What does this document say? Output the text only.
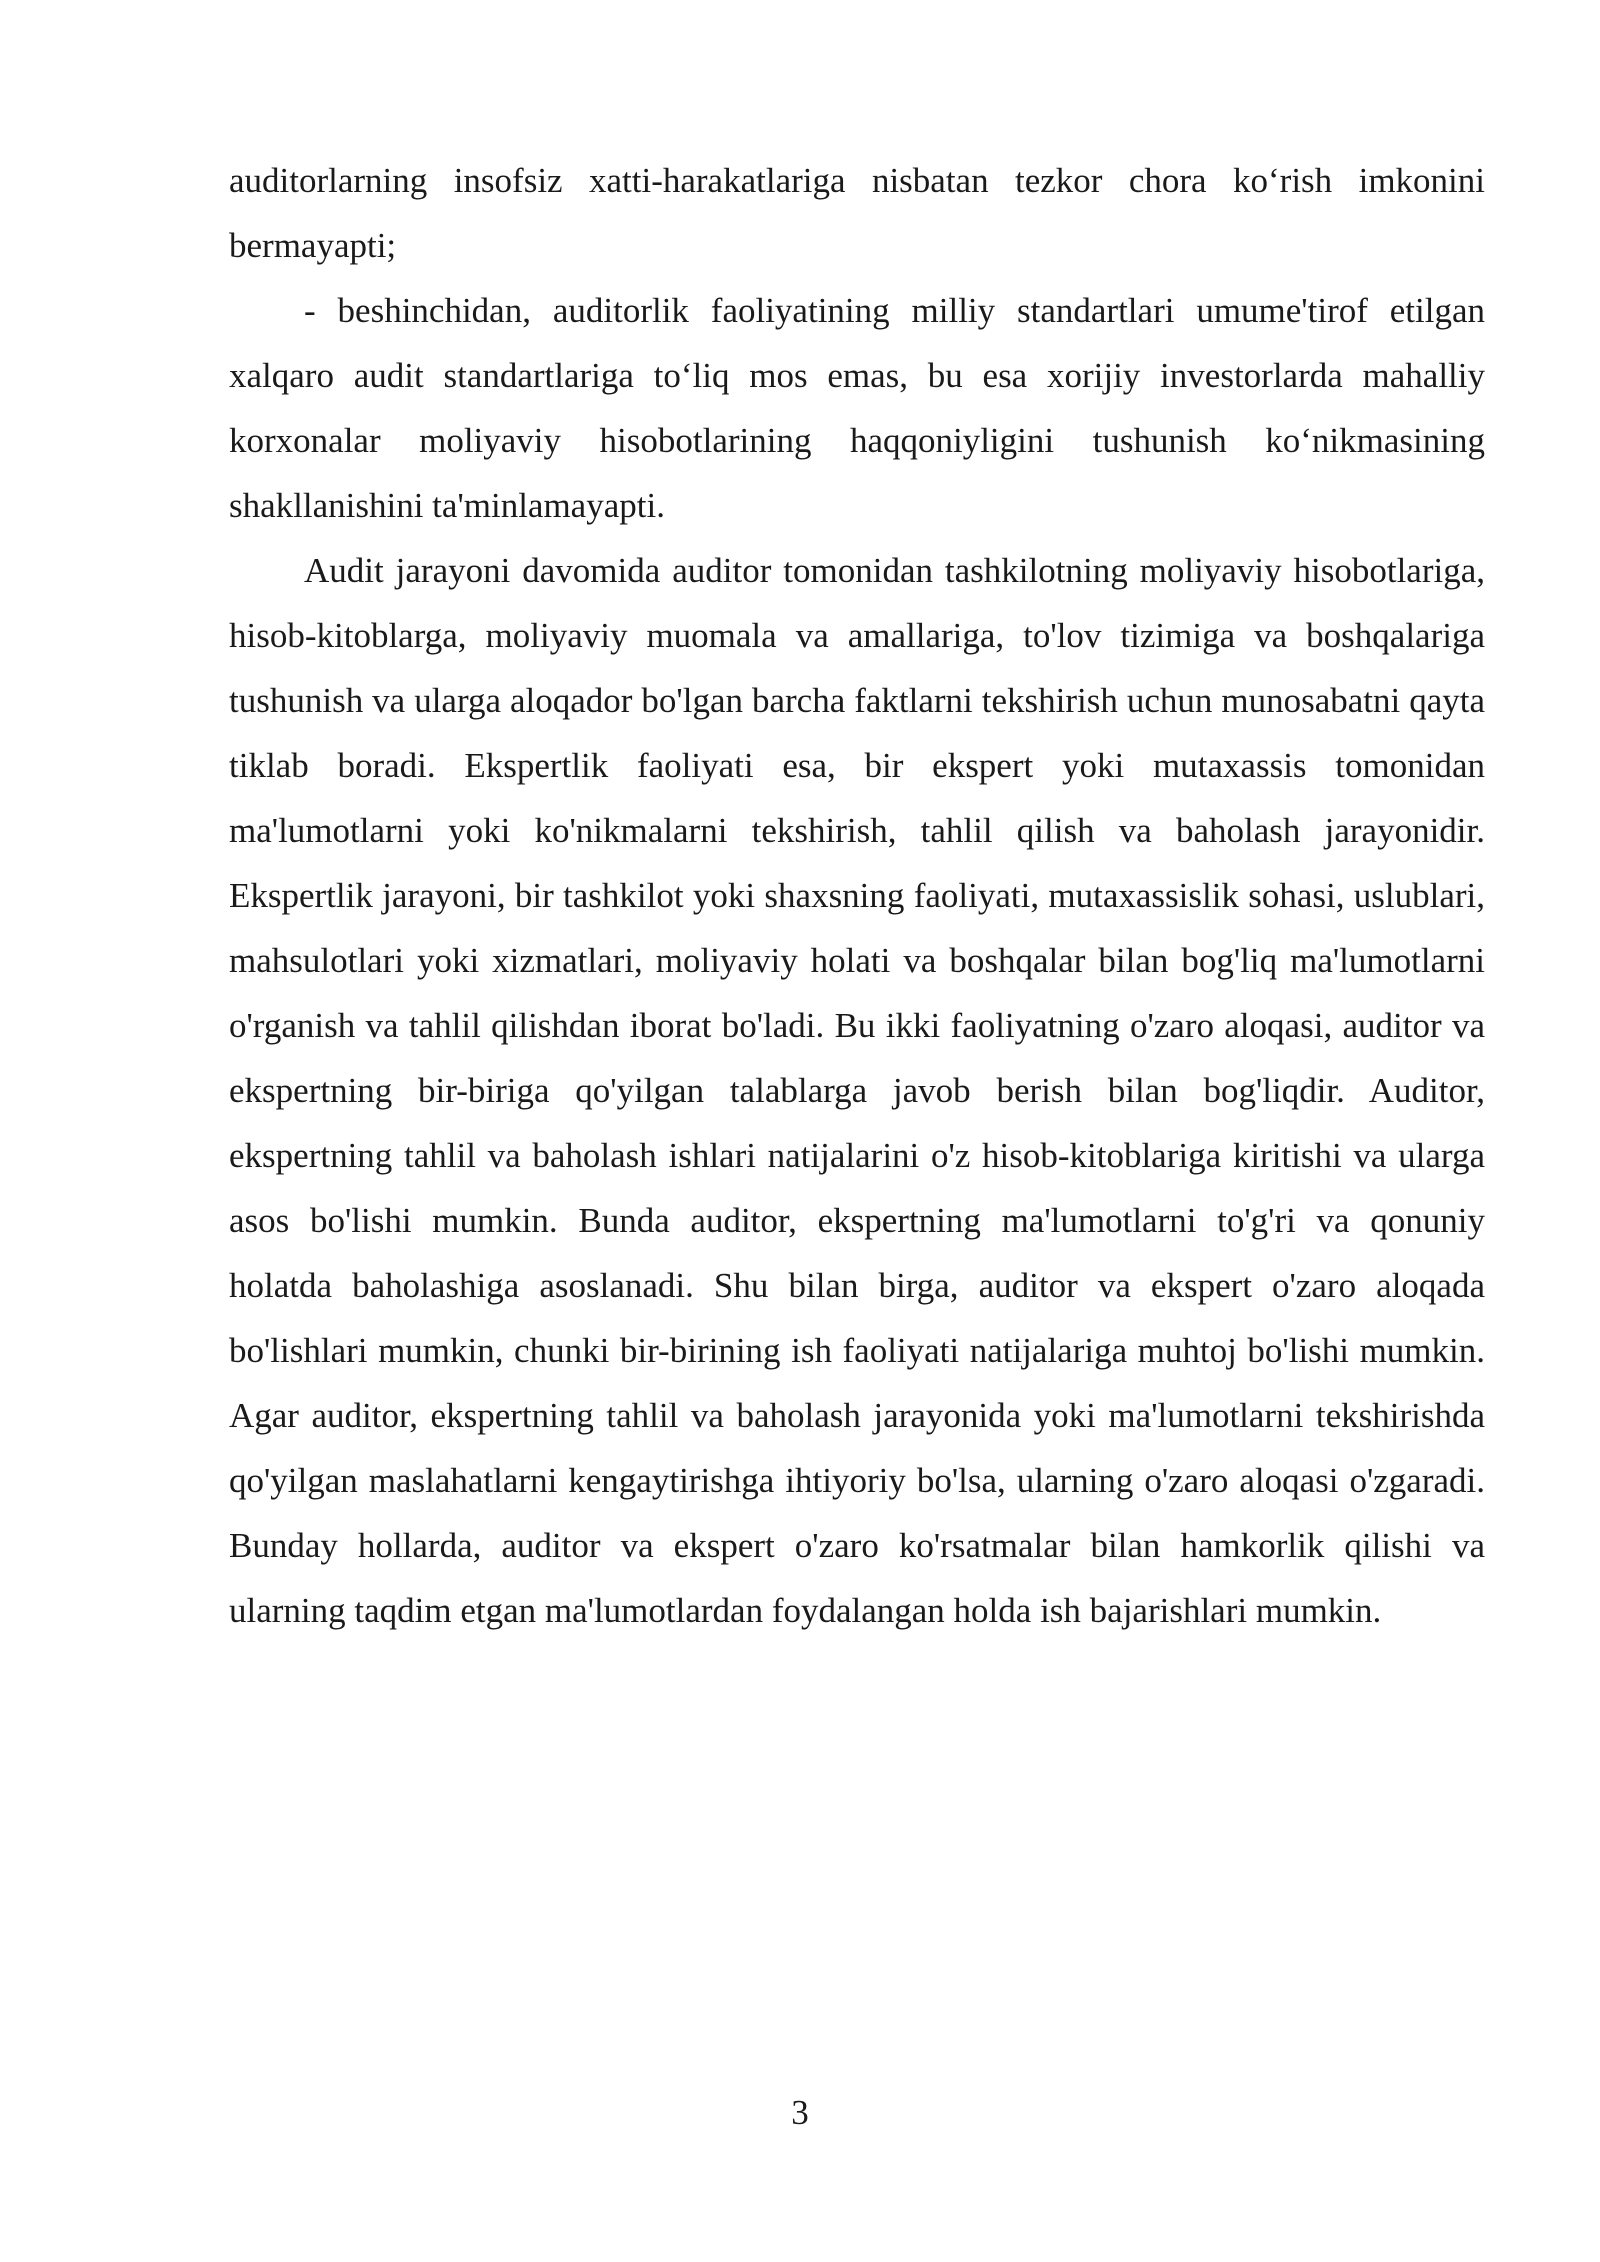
auditorlarning insofsiz xatti-harakatlariga nisbatan tezkor chora ko‘rish imkonini bermayapti;

- beshinchidan, auditorlik faoliyatining milliy standartlari umume'tirof etilgan xalqaro audit standartlariga to‘liq mos emas, bu esa xorijiy investorlarda mahalliy korxonalar moliyaviy hisobotlarining haqqoniyligini tushunish ko‘nikmasining shakllanishini ta'minlamayapti.

Audit jarayoni davomida auditor tomonidan tashkilotning moliyaviy hisobotlariga, hisob-kitoblarga, moliyaviy muomala va amallariga, to'lov tizimiga va boshqalariga tushunish va ularga aloqador bo'lgan barcha faktlarni tekshirish uchun munosabatni qayta tiklab boradi. Ekspertlik faoliyati esa, bir ekspert yoki mutaxassis tomonidan ma'lumotlarni yoki ko'nikmalarni tekshirish, tahlil qilish va baholash jarayonidir. Ekspertlik jarayoni, bir tashkilot yoki shaxsning faoliyati, mutaxassislik sohasi, uslublari, mahsulotlari yoki xizmatlari, moliyaviy holati va boshqalar bilan bog'liq ma'lumotlarni o'rganish va tahlil qilishdan iborat bo'ladi. Bu ikki faoliyatning o'zaro aloqasi, auditor va ekspertning bir-biriga qo'yilgan talablarga javob berish bilan bog'liqdir. Auditor, ekspertning tahlil va baholash ishlari natijalarini o'z hisob-kitoblariga kiritishi va ularga asos bo'lishi mumkin. Bunda auditor, ekspertning ma'lumotlarni to'g'ri va qonuniy holatda baholashiga asoslanadi. Shu bilan birga, auditor va ekspert o'zaro aloqada bo'lishlari mumkin, chunki bir-birining ish faoliyati natijalariga muhtoj bo'lishi mumkin. Agar auditor, ekspertning tahlil va baholash jarayonida yoki ma'lumotlarni tekshirishda qo'yilgan maslahatlarni kengaytirishga ihtiyoriy bo'lsa, ularning o'zaro aloqasi o'zgaradi. Bunday hollarda, auditor va ekspert o'zaro ko'rsatmalar bilan hamkorlik qilishi va ularning taqdim etgan ma'lumotlardan foydalangan holda ish bajarishlari mumkin.

3
